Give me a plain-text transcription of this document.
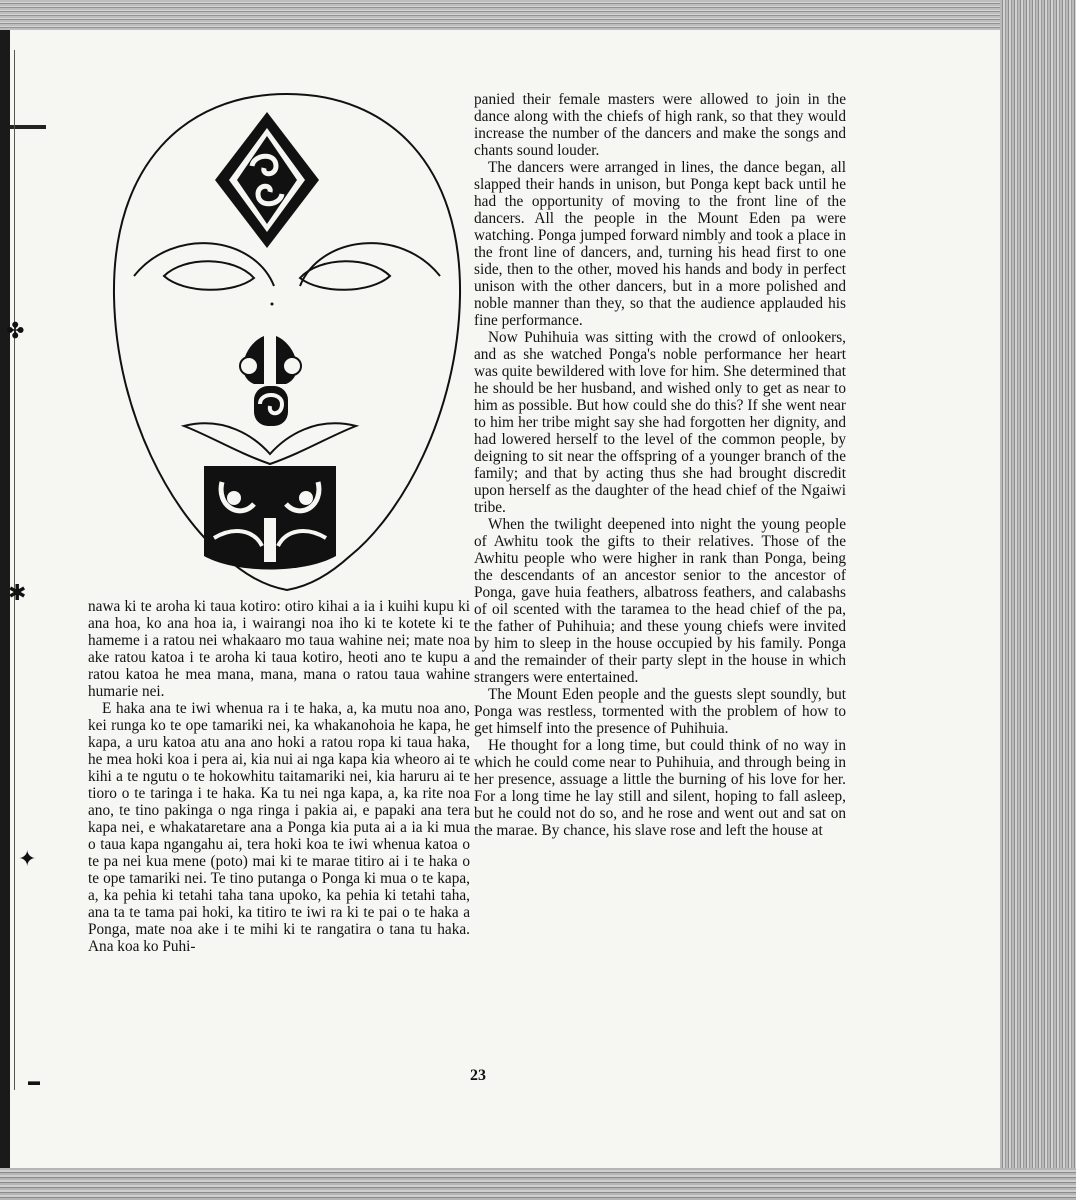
✤
✱
✦
▬

nawa ki te aroha ki taua kotiro: otiro kihai a ia i kuihi kupu ki ana hoa, ko ana hoa ia, i wairangi noa iho ki te kotete ki te hameme i a ratou nei whakaaro mo taua wahine nei; mate noa ake ratou katoa i te aroha ki taua kotiro, heoti ano te kupu a ratou katoa he mea mana, mana, mana o ratou taua wahine humarie nei.

E haka ana te iwi whenua ra i te haka, a, ka mutu noa ano, kei runga ko te ope tamariki nei, ka whakanohoia he kapa, he kapa, a uru katoa atu ana ano hoki a ratou ropa ki taua haka, he mea hoki koa i pera ai, kia nui ai nga kapa kia wheoro ai te kihi a te ngutu o te hokowhitu taitamariki nei, kia haruru ai te tioro o te taringa i te haka. Ka tu nei nga kapa, a, ka rite noa ano, te tino pakinga o nga ringa i pakia ai, e papaki ana tera kapa nei, e whakataretare ana a Ponga kia puta ai a ia ki mua o taua kapa ngangahu ai, tera hoki koa te iwi whenua katoa o te pa nei kua mene (poto) mai ki te marae titiro ai i te haka o te ope tamariki nei. Te tino putanga o Ponga ki mua o te kapa, a, ka pehia ki tetahi taha tana upoko, ka pehia ki tetahi taha, ana ta te tama pai hoki, ka titiro te iwi ra ki te pai o te haka a Ponga, mate noa ake i te mihi ki te rangatira o tana tu haka. Ana koa ko Puhi-

panied their female masters were allowed to join in the dance along with the chiefs of high rank, so that they would increase the number of the dancers and make the songs and chants sound louder.

The dancers were arranged in lines, the dance began, all slapped their hands in unison, but Ponga kept back until he had the opportunity of moving to the front line of the dancers. All the people in the Mount Eden pa were watching. Ponga jumped forward nimbly and took a place in the front line of dancers, and, turning his head first to one side, then to the other, moved his hands and body in perfect unison with the other dancers, but in a more polished and noble manner than they, so that the audience applauded his fine performance.

Now Puhihuia was sitting with the crowd of onlookers, and as she watched Ponga's noble performance her heart was quite bewildered with love for him. She determined that he should be her husband, and wished only to get as near to him as possible. But how could she do this? If she went near to him her tribe might say she had forgotten her dignity, and had lowered herself to the level of the common people, by deigning to sit near the offspring of a younger branch of the family; and that by acting thus she had brought discredit upon herself as the daughter of the head chief of the Ngaiwi tribe.

When the twilight deepened into night the young people of Awhitu took the gifts to their relatives. Those of the Awhitu people who were higher in rank than Ponga, being the descendants of an ancestor senior to the ancestor of Ponga, gave huia feathers, albatross feathers, and calabashs of oil scented with the taramea to the head chief of the pa, the father of Puhihuia; and these young chiefs were invited by him to sleep in the house occupied by his family. Ponga and the remainder of their party slept in the house in which strangers were entertained.

The Mount Eden people and the guests slept soundly, but Ponga was restless, tormented with the problem of how to get himself into the presence of Puhihuia.

He thought for a long time, but could think of no way in which he could come near to Puhihuia, and through being in her presence, assuage a little the burning of his love for her. For a long time he lay still and silent, hoping to fall asleep, but he could not do so, and he rose and went out and sat on the marae. By chance, his slave rose and left the house at

23
